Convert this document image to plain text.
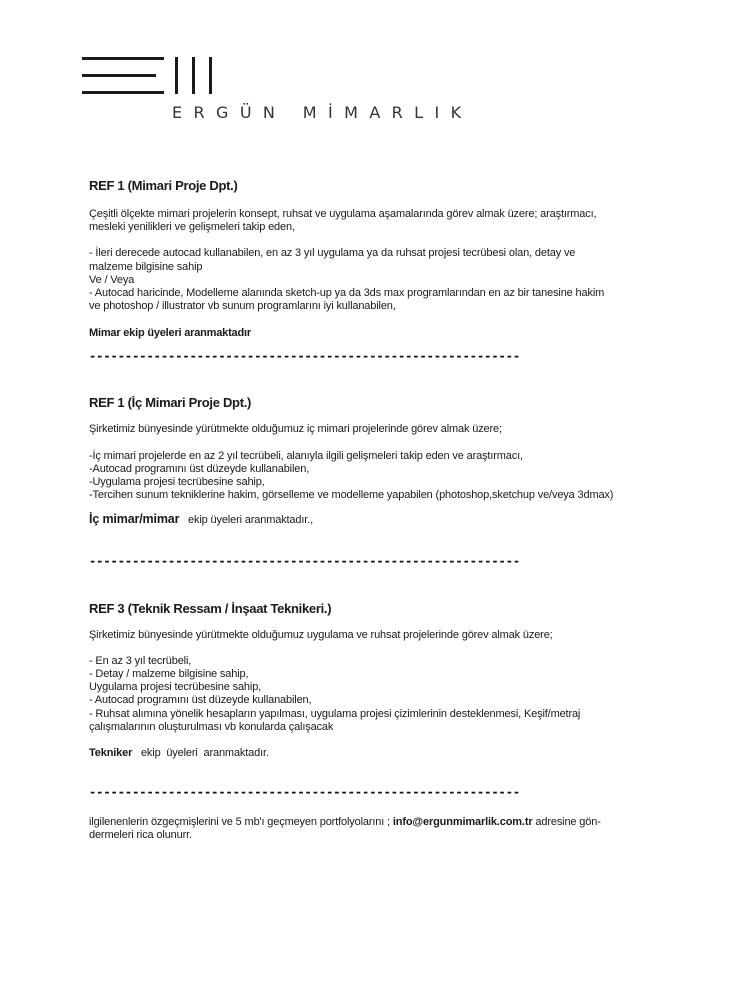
ERGÜN MİMARLIK
REF 1 (Mimari Proje Dpt.)
Çeşitli ölçekte mimari projelerin konsept, ruhsat ve uygulama aşamalarında görev almak üzere; araştırmacı,
mesleki yenilikleri ve gelişmeleri takip eden,
- İleri derecede autocad kullanabilen, en az 3 yıl uygulama ya da ruhsat projesi tecrübesi olan, detay ve
malzeme bilgisine sahip
Ve / Veya
- Autocad haricinde, Modelleme alanında sketch-up ya da 3ds max programlarından en az bir tanesine hakim
ve photoshop / illustrator vb sunum programlarını iyi kullanabilen,
Mimar ekip üyeleri aranmaktadır
------------------------------------------------------------
REF 1 (İç Mimari Proje Dpt.)
Şirketimiz bünyesinde yürütmekte olduğumuz iç mimari projelerinde görev almak üzere;
-İç mimari projelerde en az 2 yıl tecrübeli, alanıyla ilgili gelişmeleri takip eden ve araştırmacı,
-Autocad programını üst düzeyde kullanabilen,
-Uygulama projesi tecrübesine sahip,
-Tercihen sunum tekniklerine hakim, görselleme ve modelleme yapabilen (photoshop,sketchup ve/veya 3dmax)
İç mimar/mimar   ekip üyeleri aranmaktadır.,
------------------------------------------------------------
REF 3 (Teknik Ressam / İnşaat Teknikeri.)
Şirketimiz bünyesinde yürütmekte olduğumuz uygulama ve ruhsat projelerinde görev almak üzere;
- En az 3 yıl tecrübeli,
- Detay / malzeme bilgisine sahip,
Uygulama projesi tecrübesine sahip,
- Autocad programını üst düzeyde kullanabilen,
- Ruhsat alımına yönelik hesapların yapılması, uygulama projesi çizimlerinin desteklenmesi, Keşif/metraj
çalışmalarının oluşturulması vb konularda çalışacak
Tekniker   ekip  üyeleri  aranmaktadır.
------------------------------------------------------------
ilgilenenlerin özgeçmişlerini ve 5 mb'ı geçmeyen portfolyolarını ; info@ergunmimarlik.com.tr adresine gön-
dermeleri rica olunurr.
